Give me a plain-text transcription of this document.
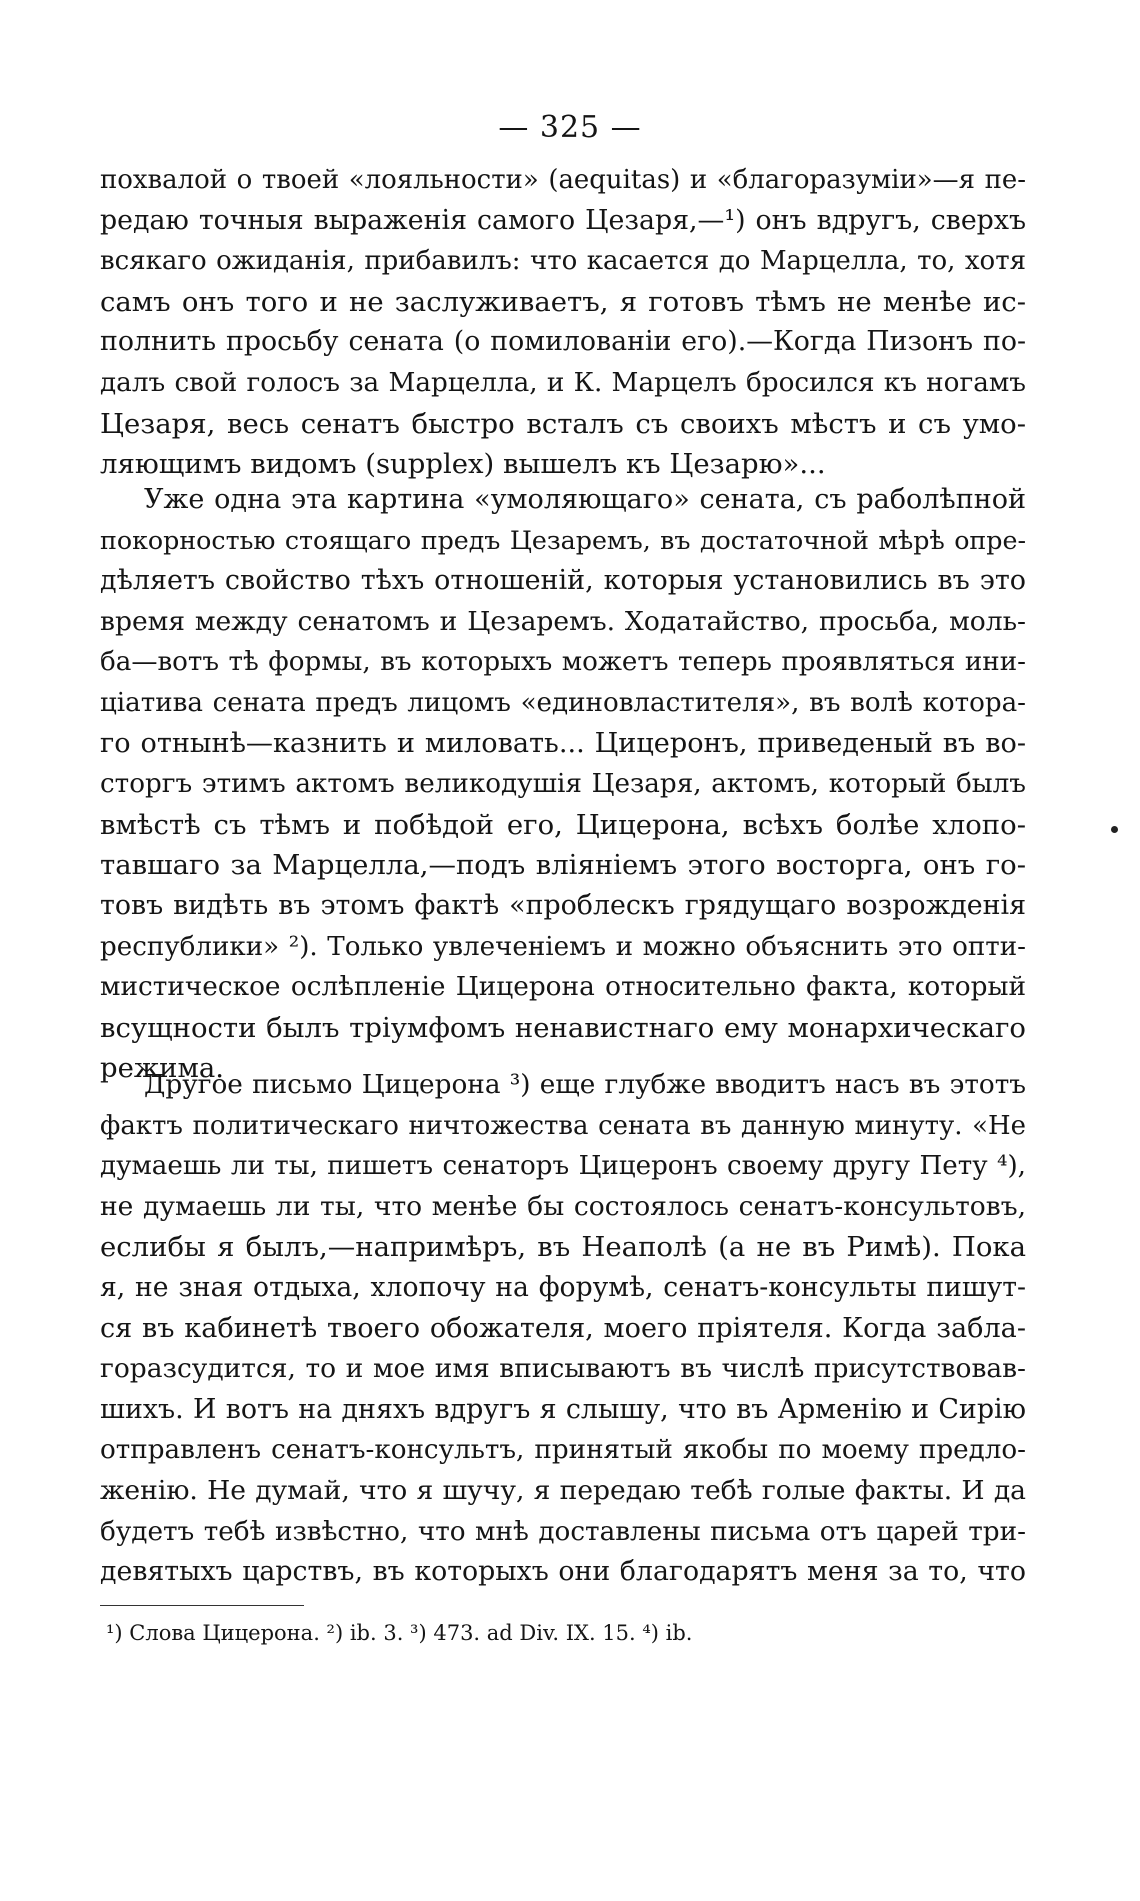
— 325 —
похвалой о твоей «лояльности» (aequitas) и «благоразуміи»—я пе-
редаю точныя выраженія самого Цезаря,—¹) онъ вдругъ, сверхъ
всякаго ожиданія, прибавилъ: что касается до Марцелла, то, хотя
самъ онъ того и не заслуживаетъ, я готовъ тѣмъ не менѣе ис-
полнить просьбу сената (о помилованіи его).—Когда Пизонъ по-
далъ свой голосъ за Марцелла, и К. Марцелъ бросился къ ногамъ
Цезаря, весь сенатъ быстро всталъ съ своихъ мѣстъ и съ умо-
ляющимъ видомъ (supplex) вышелъ къ Цезарю»...
Уже одна эта картина «умоляющаго» сената, съ раболѣпной
покорностью стоящаго предъ Цезаремъ, въ достаточной мѣрѣ опре-
дѣляетъ свойство тѣхъ отношеній, которыя установились въ это
время между сенатомъ и Цезаремъ. Ходатайство, просьба, моль-
ба—вотъ тѣ формы, въ которыхъ можетъ теперь проявляться ини-
ціатива сената предъ лицомъ «единовластителя», въ волѣ котора-
го отнынѣ—казнить и миловать... Цицеронъ, приведеный въ во-
сторгъ этимъ актомъ великодушія Цезаря, актомъ, который былъ
вмѣстѣ съ тѣмъ и побѣдой его, Цицерона, всѣхъ болѣе хлопо-
тавшаго за Марцелла,—подъ вліяніемъ этого восторга, онъ го-
товъ видѣть въ этомъ фактѣ «проблескъ грядущаго возрожденія
республики» ²). Только увлеченіемъ и можно объяснить это опти-
мистическое ослѣпленіе Цицерона относительно факта, который
всущности былъ тріумфомъ ненавистнаго ему монархическаго
режима.
Другое письмо Цицерона ³) еще глубже вводитъ насъ въ этотъ
фактъ политическаго ничтожества сената въ данную минуту. «Не
думаешь ли ты, пишетъ сенаторъ Цицеронъ своему другу Пету ⁴),
не думаешь ли ты, что менѣе бы состоялось сенатъ-консультовъ,
еслибы я былъ,—напримѣръ, въ Неаполѣ (а не въ Римѣ). Пока
я, не зная отдыха, хлопочу на форумѣ, сенатъ-консульты пишут-
ся въ кабинетѣ твоего обожателя, моего пріятеля. Когда забла-
горазсудится, то и мое имя вписываютъ въ числѣ присутствовав-
шихъ. И вотъ на дняхъ вдругъ я слышу, что въ Арменію и Сирію
отправленъ сенатъ-консультъ, принятый якобы по моему предло-
женію. Не думай, что я шучу, я передаю тебѣ голые факты. И да
будетъ тебѣ извѣстно, что мнѣ доставлены письма отъ царей три-
девятыхъ царствъ, въ которыхъ они благодарятъ меня за то, что
¹) Слова Цицерона. ²) ib. 3. ³) 473. ad Div. IX. 15. ⁴) ib.
